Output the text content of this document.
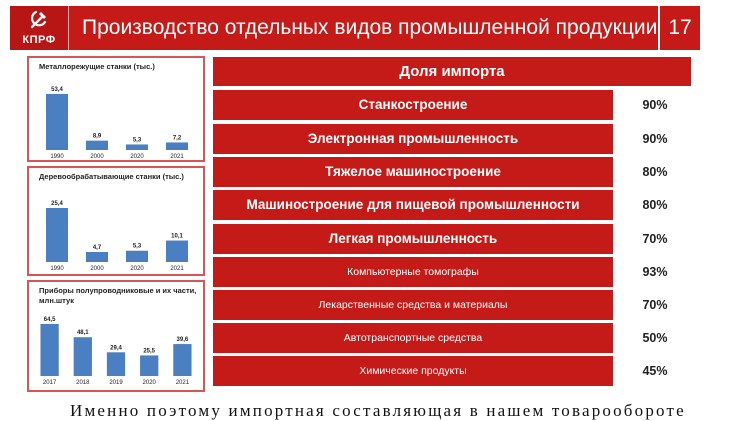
КПРФ
Производство отдельных видов промышленной продукции 17
Металлорежущие станки (тыс.)
53,4
1990
8,9
2000
5,3
2020
7,2
2021
Деревообрабатывающие станки (тыс.)
25,4
1990
4,7
2000
5,3
2020
10,1
2021
Приборы полупроводниковые и их части, млн.штук
64,5
2017
48,1
2018
29,4
2019
25,5
2020
39,6
2021
Доля импорта
Станкостроение	90%
Электронная промышленность	90%
Тяжелое машиностроение	80%
Машиностроение для пищевой промышленности	80%
Легкая промышленность	70%
Компьютерные томографы	93%
Лекарственные средства и материалы	70%
Автотранспортные средства	50%
Химические продукты	45%
Именно поэтому импортная составляющая в нашем товарообороте
